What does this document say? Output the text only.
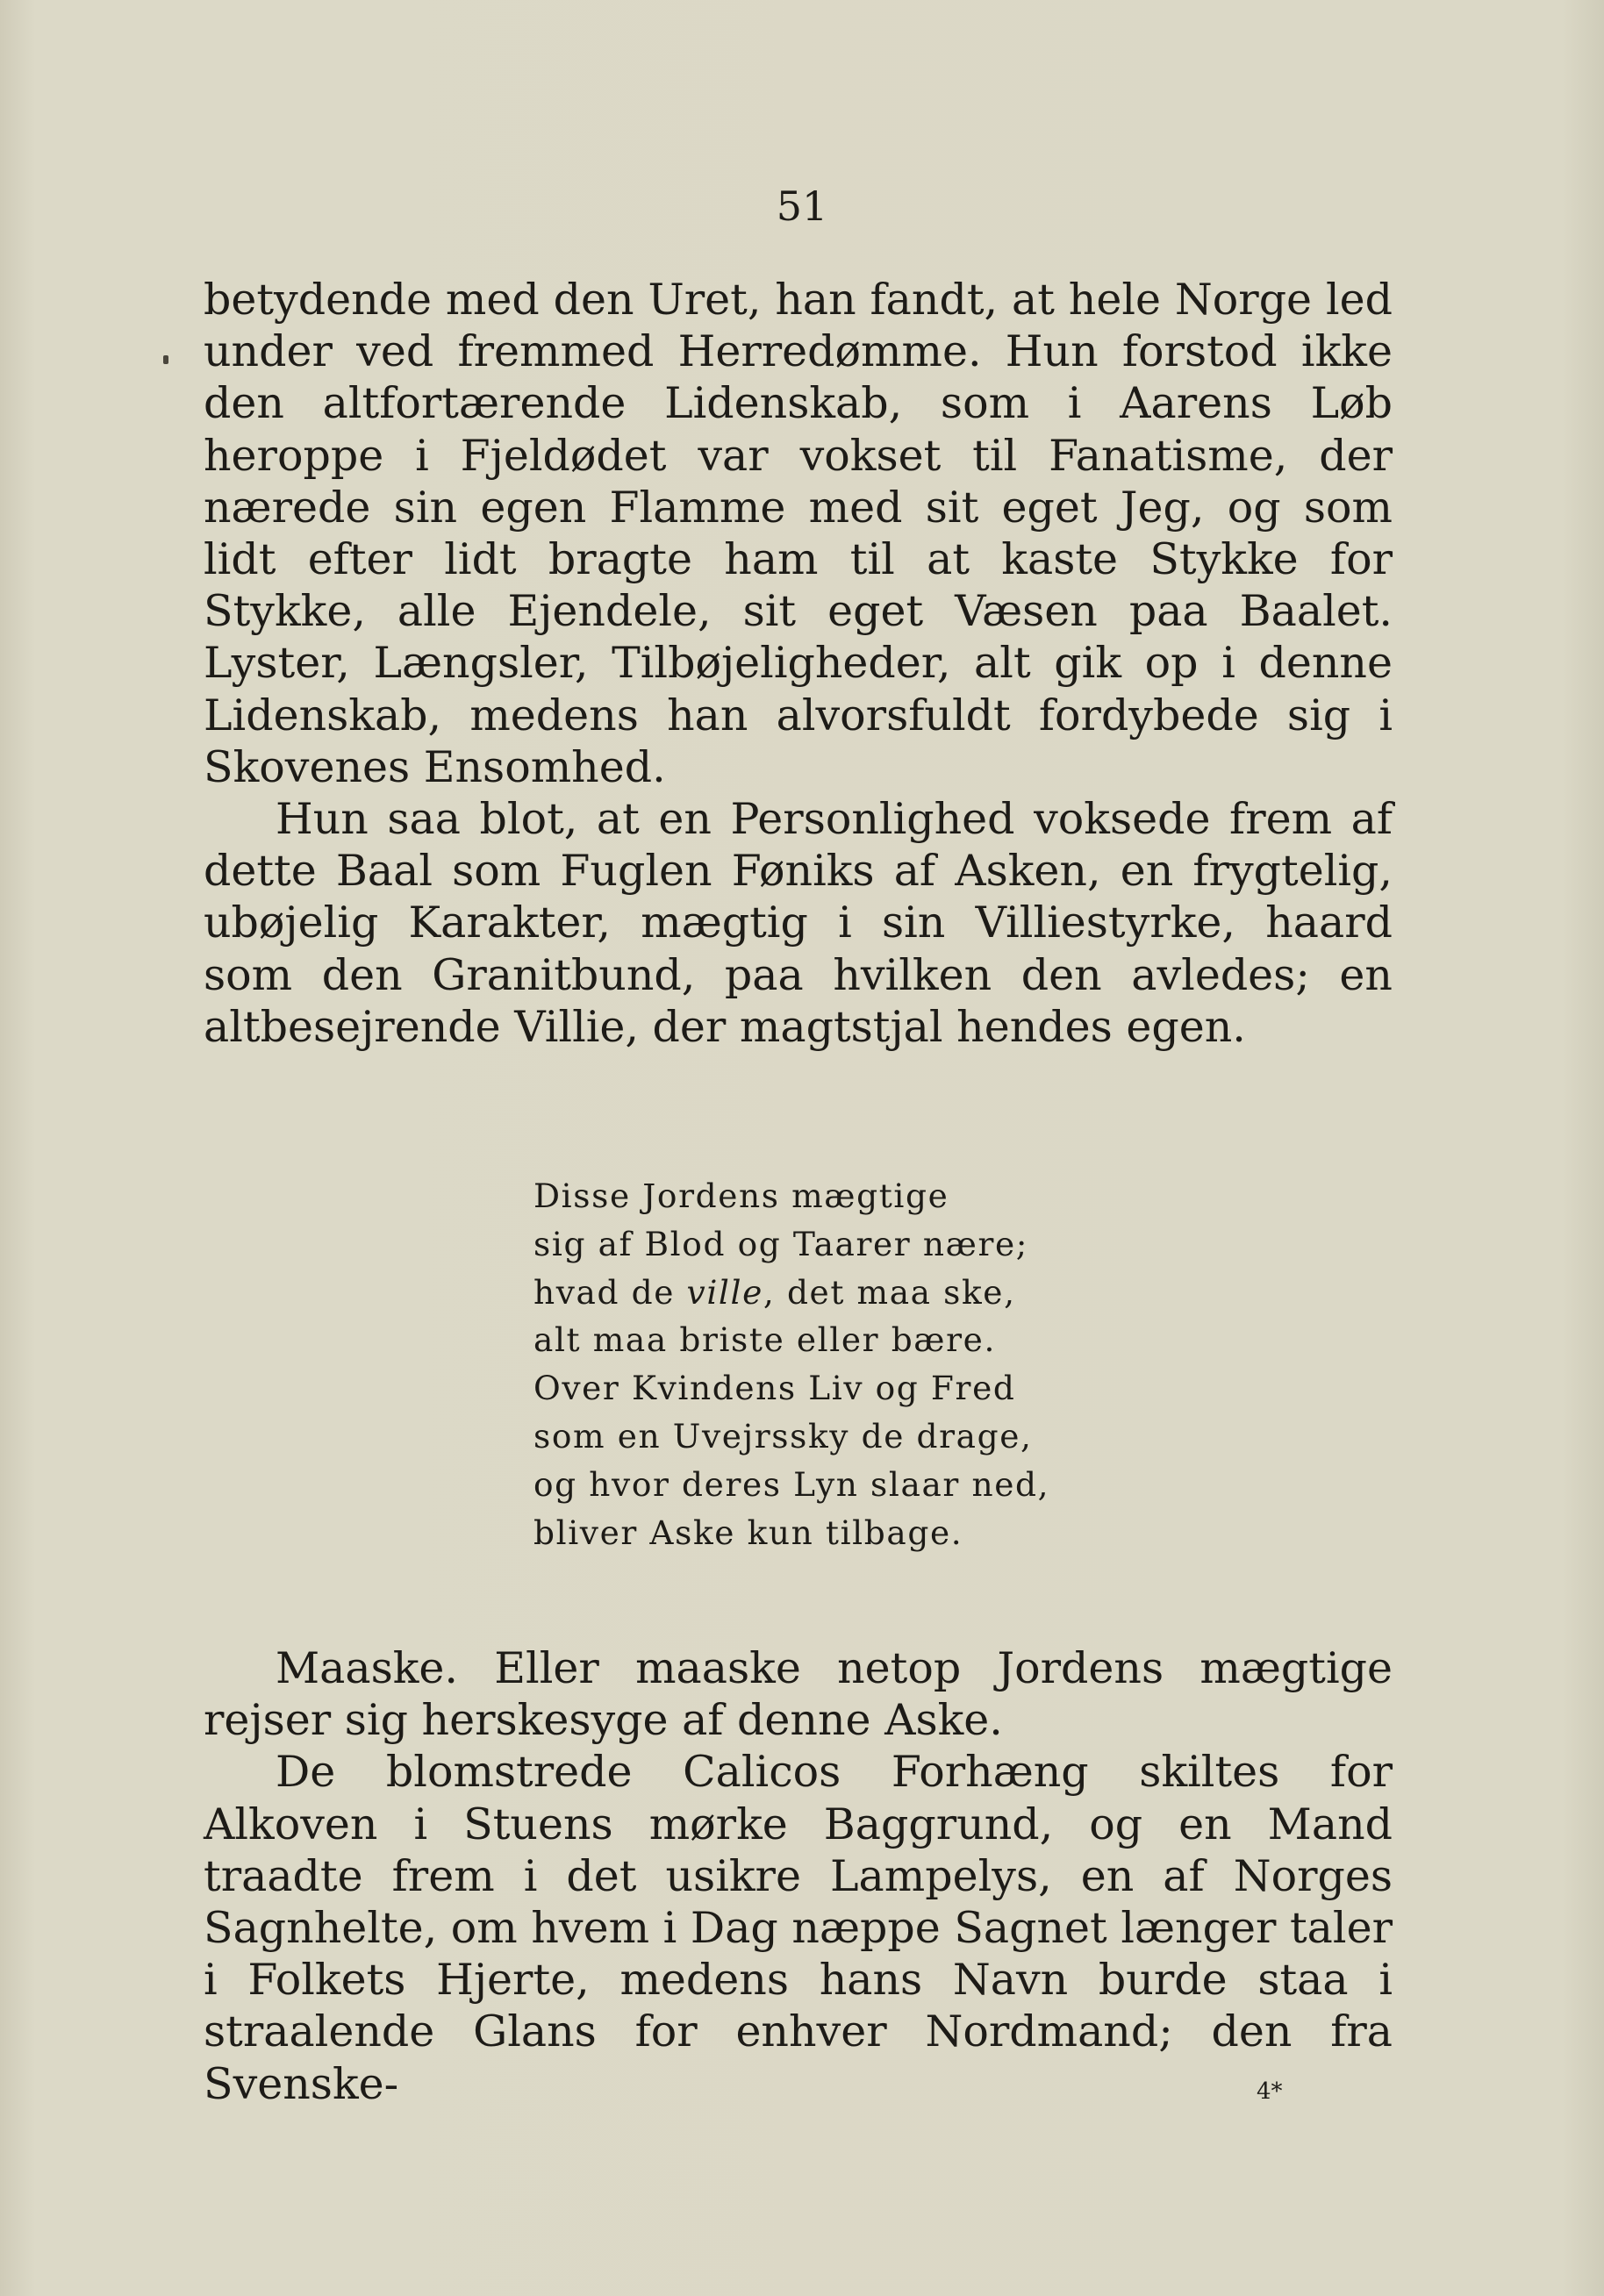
51

betydende med den Uret, han fandt, at hele Norge led under ved fremmed Herredømme. Hun forstod ikke den altfortærende Lidenskab, som i Aarens Løb heroppe i Fjeldødet var vokset til Fanatisme, der nærede sin egen Flamme med sit eget Jeg, og som lidt efter lidt bragte ham til at kaste Stykke for Stykke, alle Ejendele, sit eget Væsen paa Baalet. Lyster, Længsler, Tilbøjeligheder, alt gik op i denne Lidenskab, medens han alvorsfuldt fordybede sig i Skovenes Ensomhed.

Hun saa blot, at en Personlighed voksede frem af dette Baal som Fuglen Føniks af Asken, en frygtelig, ubøjelig Karakter, mægtig i sin Villiestyrke, haard som den Granitbund, paa hvilken den avledes; en altbesejrende Villie, der magtstjal hendes egen.

Disse Jordens mægtige
sig af Blod og Taarer nære;
hvad de ville, det maa ske,
alt maa briste eller bære.
Over Kvindens Liv og Fred
som en Uvejrssky de drage,
og hvor deres Lyn slaar ned,
bliver Aske kun tilbage.

Maaske. Eller maaske netop Jordens mægtige rejser sig herskesyge af denne Aske.

De blomstrede Calicos Forhæng skiltes for Alkoven i Stuens mørke Baggrund, og en Mand traadte frem i det usikre Lampelys, en af Norges Sagnhelte, om hvem i Dag næppe Sagnet længer taler i Folkets Hjerte, medens hans Navn burde staa i straalende Glans for enhver Nordmand; den fra Svenske-	4*
